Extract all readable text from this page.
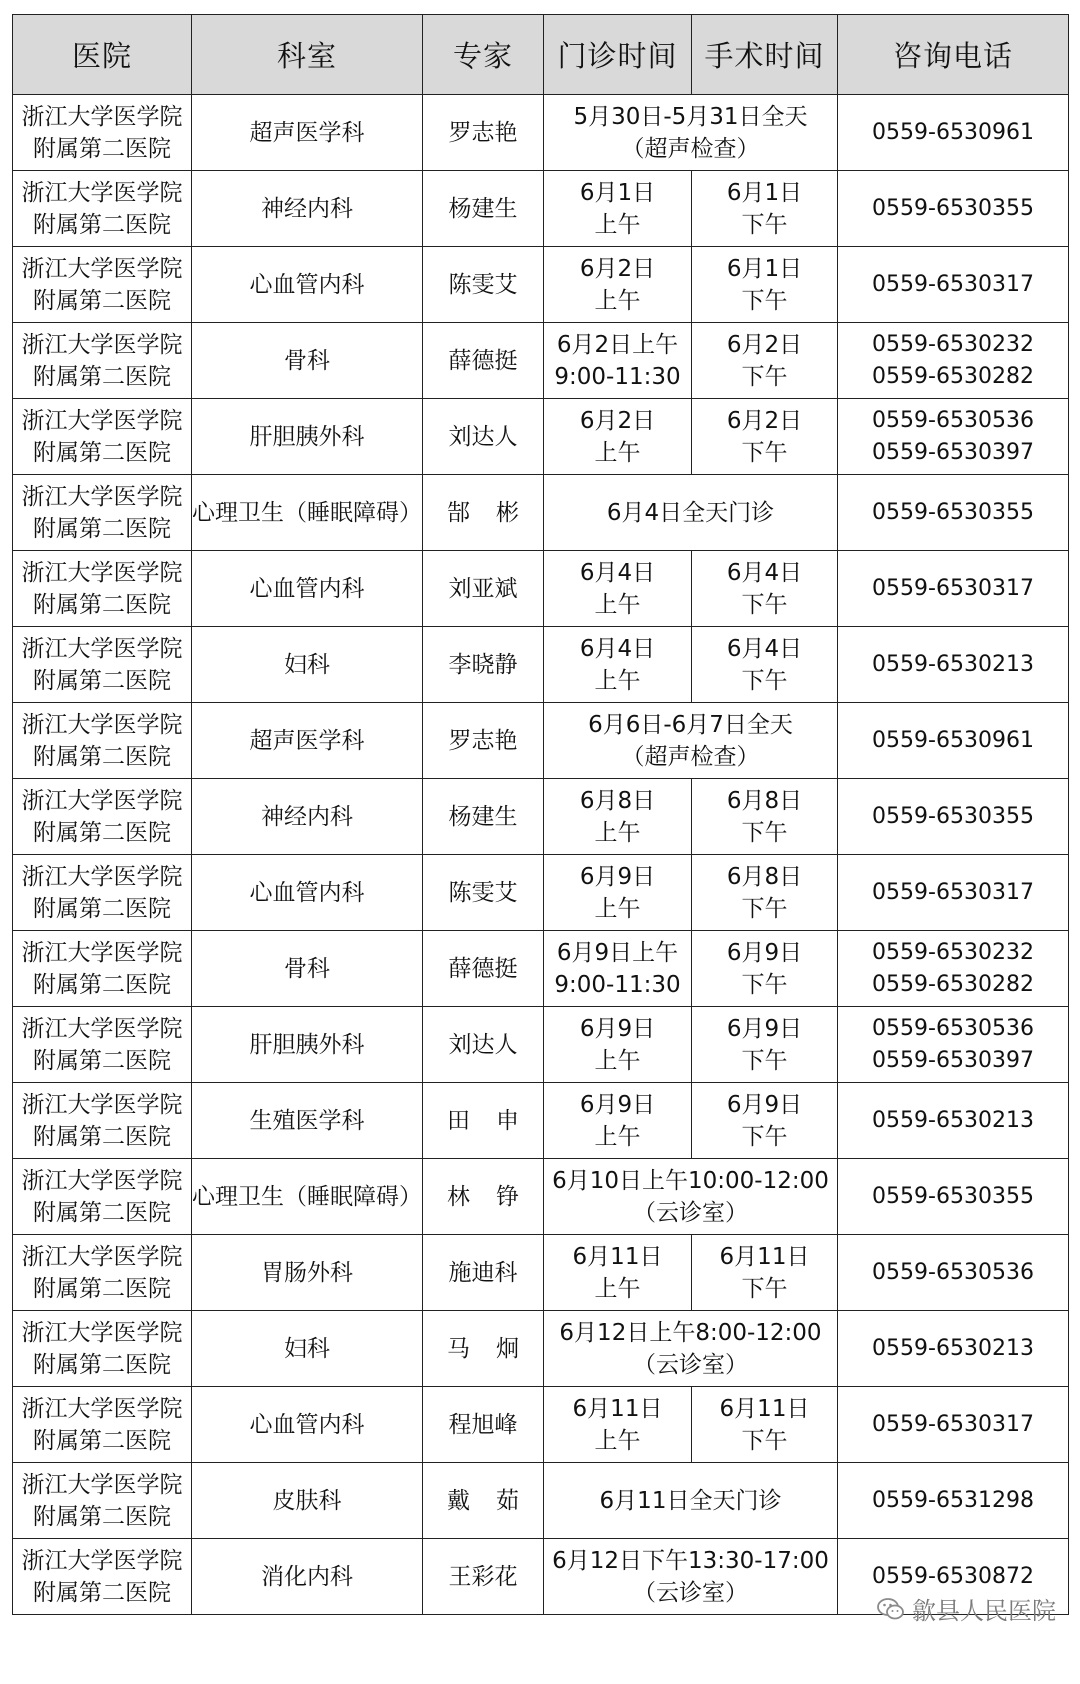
医院	科室	专家	门诊时间	手术时间	咨询电话

浙江大学医学院
附属第二医院	超声医学科	罗志艳	5月30日-5月31日全天
（超声检查）		0559-6530961

浙江大学医学院
附属第二医院	神经内科	杨建生	6月1日
上午	6月1日
下午	0559-6530355

浙江大学医学院
附属第二医院	心血管内科	陈雯艾	6月2日
上午	6月1日
下午	0559-6530317

浙江大学医学院
附属第二医院	骨科	薛德挺	6月2日上午
9:00-11:30	6月2日
下午	0559-6530232
0559-6530282

浙江大学医学院
附属第二医院	肝胆胰外科	刘达人	6月2日
上午	6月2日
下午	0559-6530536
0559-6530397

浙江大学医学院
附属第二医院	心理卫生（睡眠障碍）	郜彬	6月4日全天门诊		0559-6530355

浙江大学医学院
附属第二医院	心血管内科	刘亚斌	6月4日
上午	6月4日
下午	0559-6530317

浙江大学医学院
附属第二医院	妇科	李晓静	6月4日
上午	6月4日
下午	0559-6530213

浙江大学医学院
附属第二医院	超声医学科	罗志艳	6月6日-6月7日全天
（超声检查）		0559-6530961

浙江大学医学院
附属第二医院	神经内科	杨建生	6月8日
上午	6月8日
下午	0559-6530355

浙江大学医学院
附属第二医院	心血管内科	陈雯艾	6月9日
上午	6月8日
下午	0559-6530317

浙江大学医学院
附属第二医院	骨科	薛德挺	6月9日上午
9:00-11:30	6月9日
下午	0559-6530232
0559-6530282

浙江大学医学院
附属第二医院	肝胆胰外科	刘达人	6月9日
上午	6月9日
下午	0559-6530536
0559-6530397

浙江大学医学院
附属第二医院	生殖医学科	田申	6月9日
上午	6月9日
下午	0559-6530213

浙江大学医学院
附属第二医院	心理卫生（睡眠障碍）	林铮	6月10日上午10:00-12:00
（云诊室）		0559-6530355

浙江大学医学院
附属第二医院	胃肠外科	施迪科	6月11日
上午	6月11日
下午	0559-6530536

浙江大学医学院
附属第二医院	妇科	马炯	6月12日上午8:00-12:00
（云诊室）		0559-6530213

浙江大学医学院
附属第二医院	心血管内科	程旭峰	6月11日
上午	6月11日
下午	0559-6530317

浙江大学医学院
附属第二医院	皮肤科	戴茹	6月11日全天门诊		0559-6531298

浙江大学医学院
附属第二医院	消化内科	王彩花	6月12日下午13:30-17:00
（云诊室）		0559-6530872
歙县人民医院
